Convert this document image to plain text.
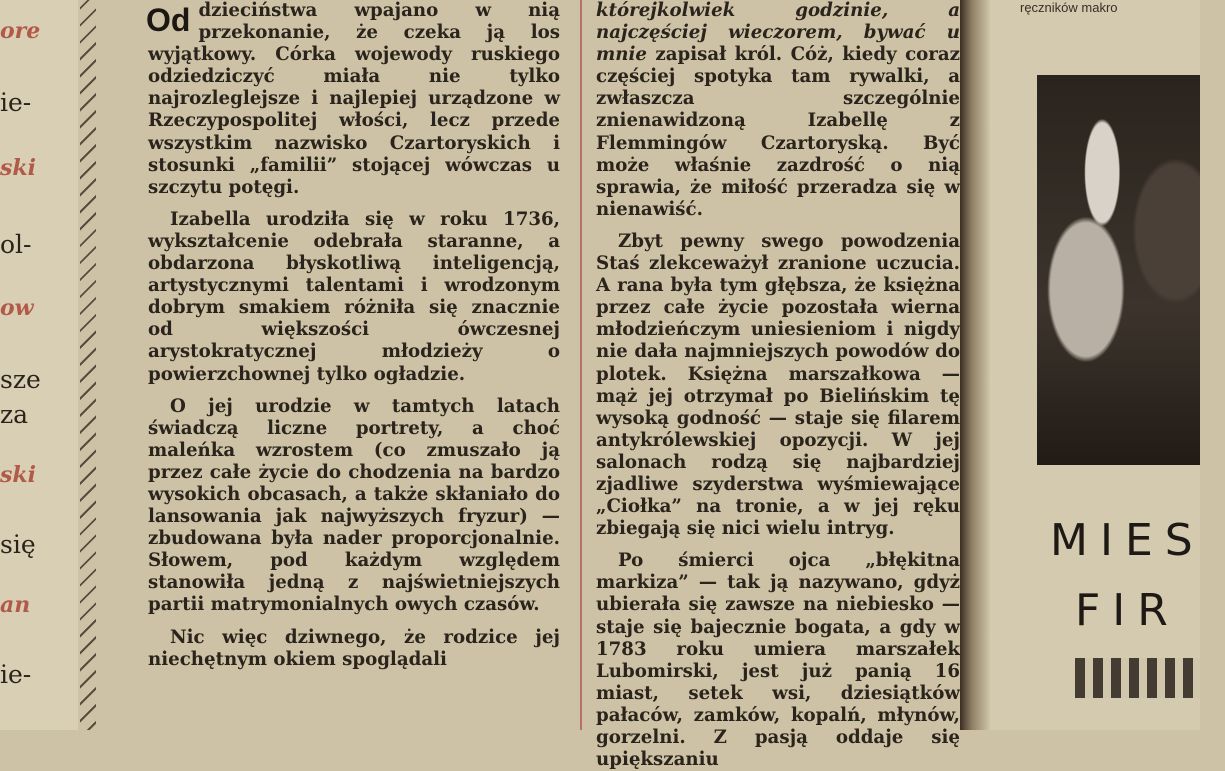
ore
ie-
ski
ol-
ow
sze
za
ski
się
an
ie-

Od dzieciństwa wpajano w nią przekonanie, że czeka ją los wyjątkowy. Córka wojewody ruskiego odziedziczyć miała nie tylko najrozleglejsze i najlepiej urządzone w Rzeczypospolitej włości, lecz przede wszystkim nazwisko Czartoryskich i stosunki „familii” stojącej wówczas u szczytu potęgi.

Izabella urodziła się w roku 1736, wykształcenie odebrała staranne, a obdarzona błyskotliwą inteligencją, artystycznymi talentami i wrodzonym dobrym smakiem różniła się znacznie od większości ówczesnej arystokratycznej młodzieży o powierzchownej tylko ogładzie.

O jej urodzie w tamtych latach świadczą liczne portrety, a choć maleńka wzrostem (co zmuszało ją przez całe życie do chodzenia na bardzo wysokich obcasach, a także skłaniało do lansowania jak najwyższych fryzur) — zbudowana była nader proporcjonalnie. Słowem, pod każdym względem stanowiła jedną z najświetniejszych partii matrymonialnych owych czasów.

Nic więc dziwnego, że rodzice jej niechętnym okiem spoglądali

którejkolwiek godzinie, a najczęściej wieczorem, bywać u mnie zapisał król. Cóż, kiedy coraz częściej spotyka tam rywalki, a zwłaszcza szczególnie znienawidzoną Izabellę z Flemmingów Czartoryską. Być może właśnie zazdrość o nią sprawia, że miłość przeradza się w nienawiść.

Zbyt pewny swego powodzenia Staś zlekceważył zranione uczucia. A rana była tym głębsza, że księżna przez całe życie pozostała wierna młodzieńczym uniesieniom i nigdy nie dała najmniejszych powodów do plotek. Księżna marszałkowa — mąż jej otrzymał po Bielińskim tę wysoką godność — staje się filarem antykrólewskiej opozycji. W jej salonach rodzą się najbardziej zjadliwe szyderstwa wyśmiewające „Ciołka” na tronie, a w jej ręku zbiegają się nici wielu intryg.

Po śmierci ojca „błękitna markiza” — tak ją nazywano, gdyż ubierała się zawsze na niebiesko — staje się bajecznie bogata, a gdy w 1783 roku umiera marszałek Lubomirski, jest już panią 16 miast, setek wsi, dziesiątków pałaców, zamków, kopalń, młynów, gorzelni. Z pasją oddaje się upiększaniu

ręczników makro
MIES
FIR
